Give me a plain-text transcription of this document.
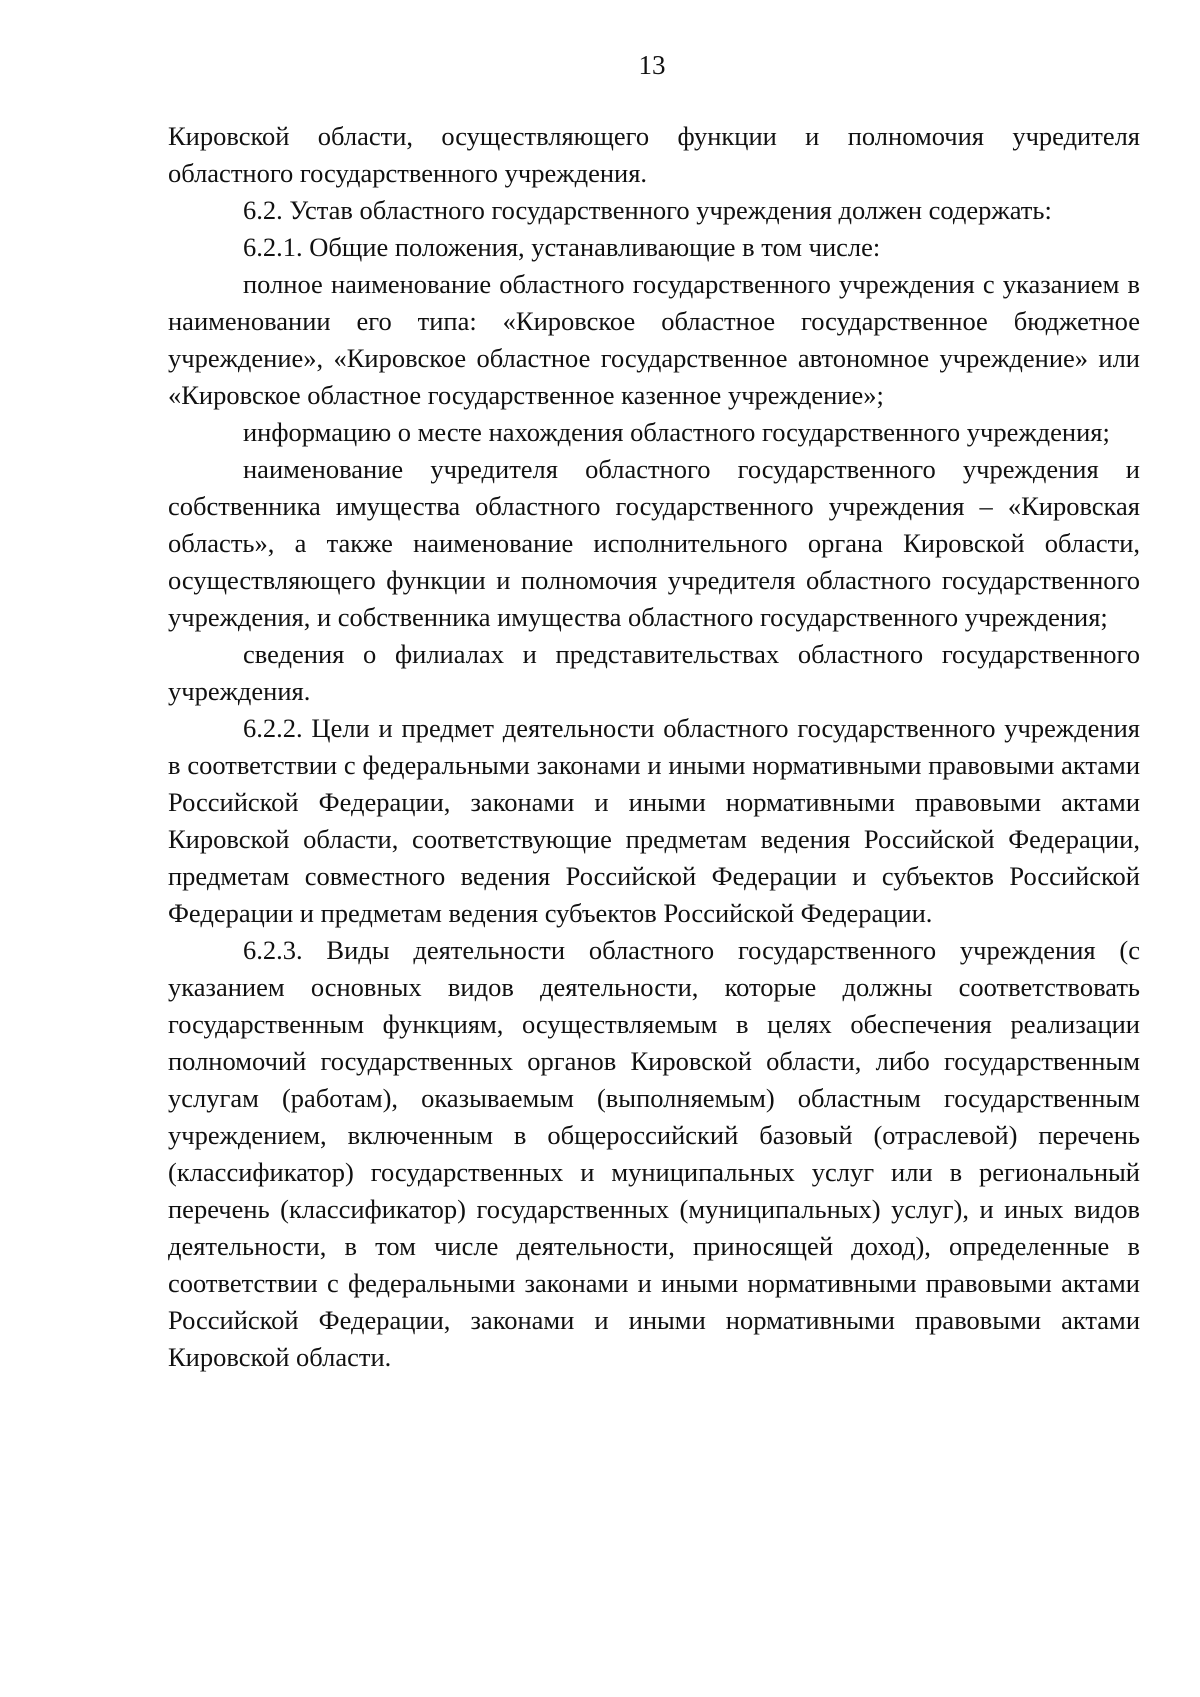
13

Кировской области, осуществляющего функции и полномочия учредителя областного государственного учреждения.

6.2. Устав областного государственного учреждения должен содержать:

6.2.1. Общие положения, устанавливающие в том числе:

полное наименование областного государственного учреждения с указанием в наименовании его типа: «Кировское областное государственное бюджетное учреждение», «Кировское областное государственное автономное учреждение» или «Кировское областное государственное казенное учреждение»;

информацию о месте нахождения областного государственного учреждения;

наименование учредителя областного государственного учреждения и собственника имущества областного государственного учреждения – «Кировская область», а также наименование исполнительного органа Кировской области, осуществляющего функции и полномочия учредителя областного государственного учреждения, и собственника имущества областного государственного учреждения;

сведения о филиалах и представительствах областного государственного учреждения.

6.2.2. Цели и предмет деятельности областного государственного учреждения в соответствии с федеральными законами и иными нормативными правовыми актами Российской Федерации, законами и иными нормативными правовыми актами Кировской области, соответствующие предметам ведения Российской Федерации, предметам совместного ведения Российской Федерации и субъектов Российской Федерации и предметам ведения субъектов Российской Федерации.

6.2.3. Виды деятельности областного государственного учреждения (с указанием основных видов деятельности, которые должны соответствовать государственным функциям, осуществляемым в целях обеспечения реализации полномочий государственных органов Кировской области, либо государственным услугам (работам), оказываемым (выполняемым) областным государственным учреждением, включенным в общероссийский базовый (отраслевой) перечень (классификатор) государственных и муниципальных услуг или в региональный перечень (классификатор) государственных (муниципальных) услуг), и иных видов деятельности, в том числе деятельности, приносящей доход), определенные в соответствии с федеральными законами и иными нормативными правовыми актами Российской Федерации, законами и иными нормативными правовыми актами Кировской области.
